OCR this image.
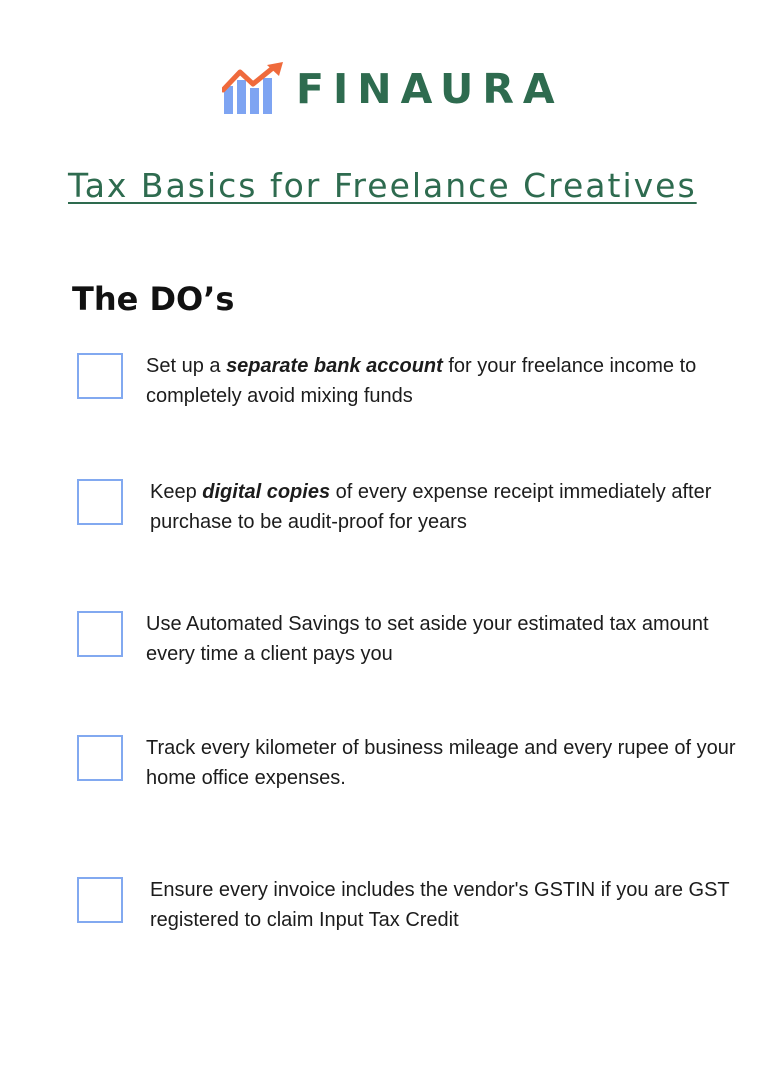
FINAURA
Tax Basics for Freelance Creatives
The DO’s
Set up a separate bank account for your freelance income to completely avoid mixing funds
Keep digital copies of every expense receipt immediately after purchase to be audit-proof for years
Use Automated Savings to set aside your estimated tax amount every time a client pays you
Track every kilometer of business mileage and every rupee of your home office expenses.
Ensure every invoice includes the vendor's GSTIN if you are GST registered to claim Input Tax Credit
